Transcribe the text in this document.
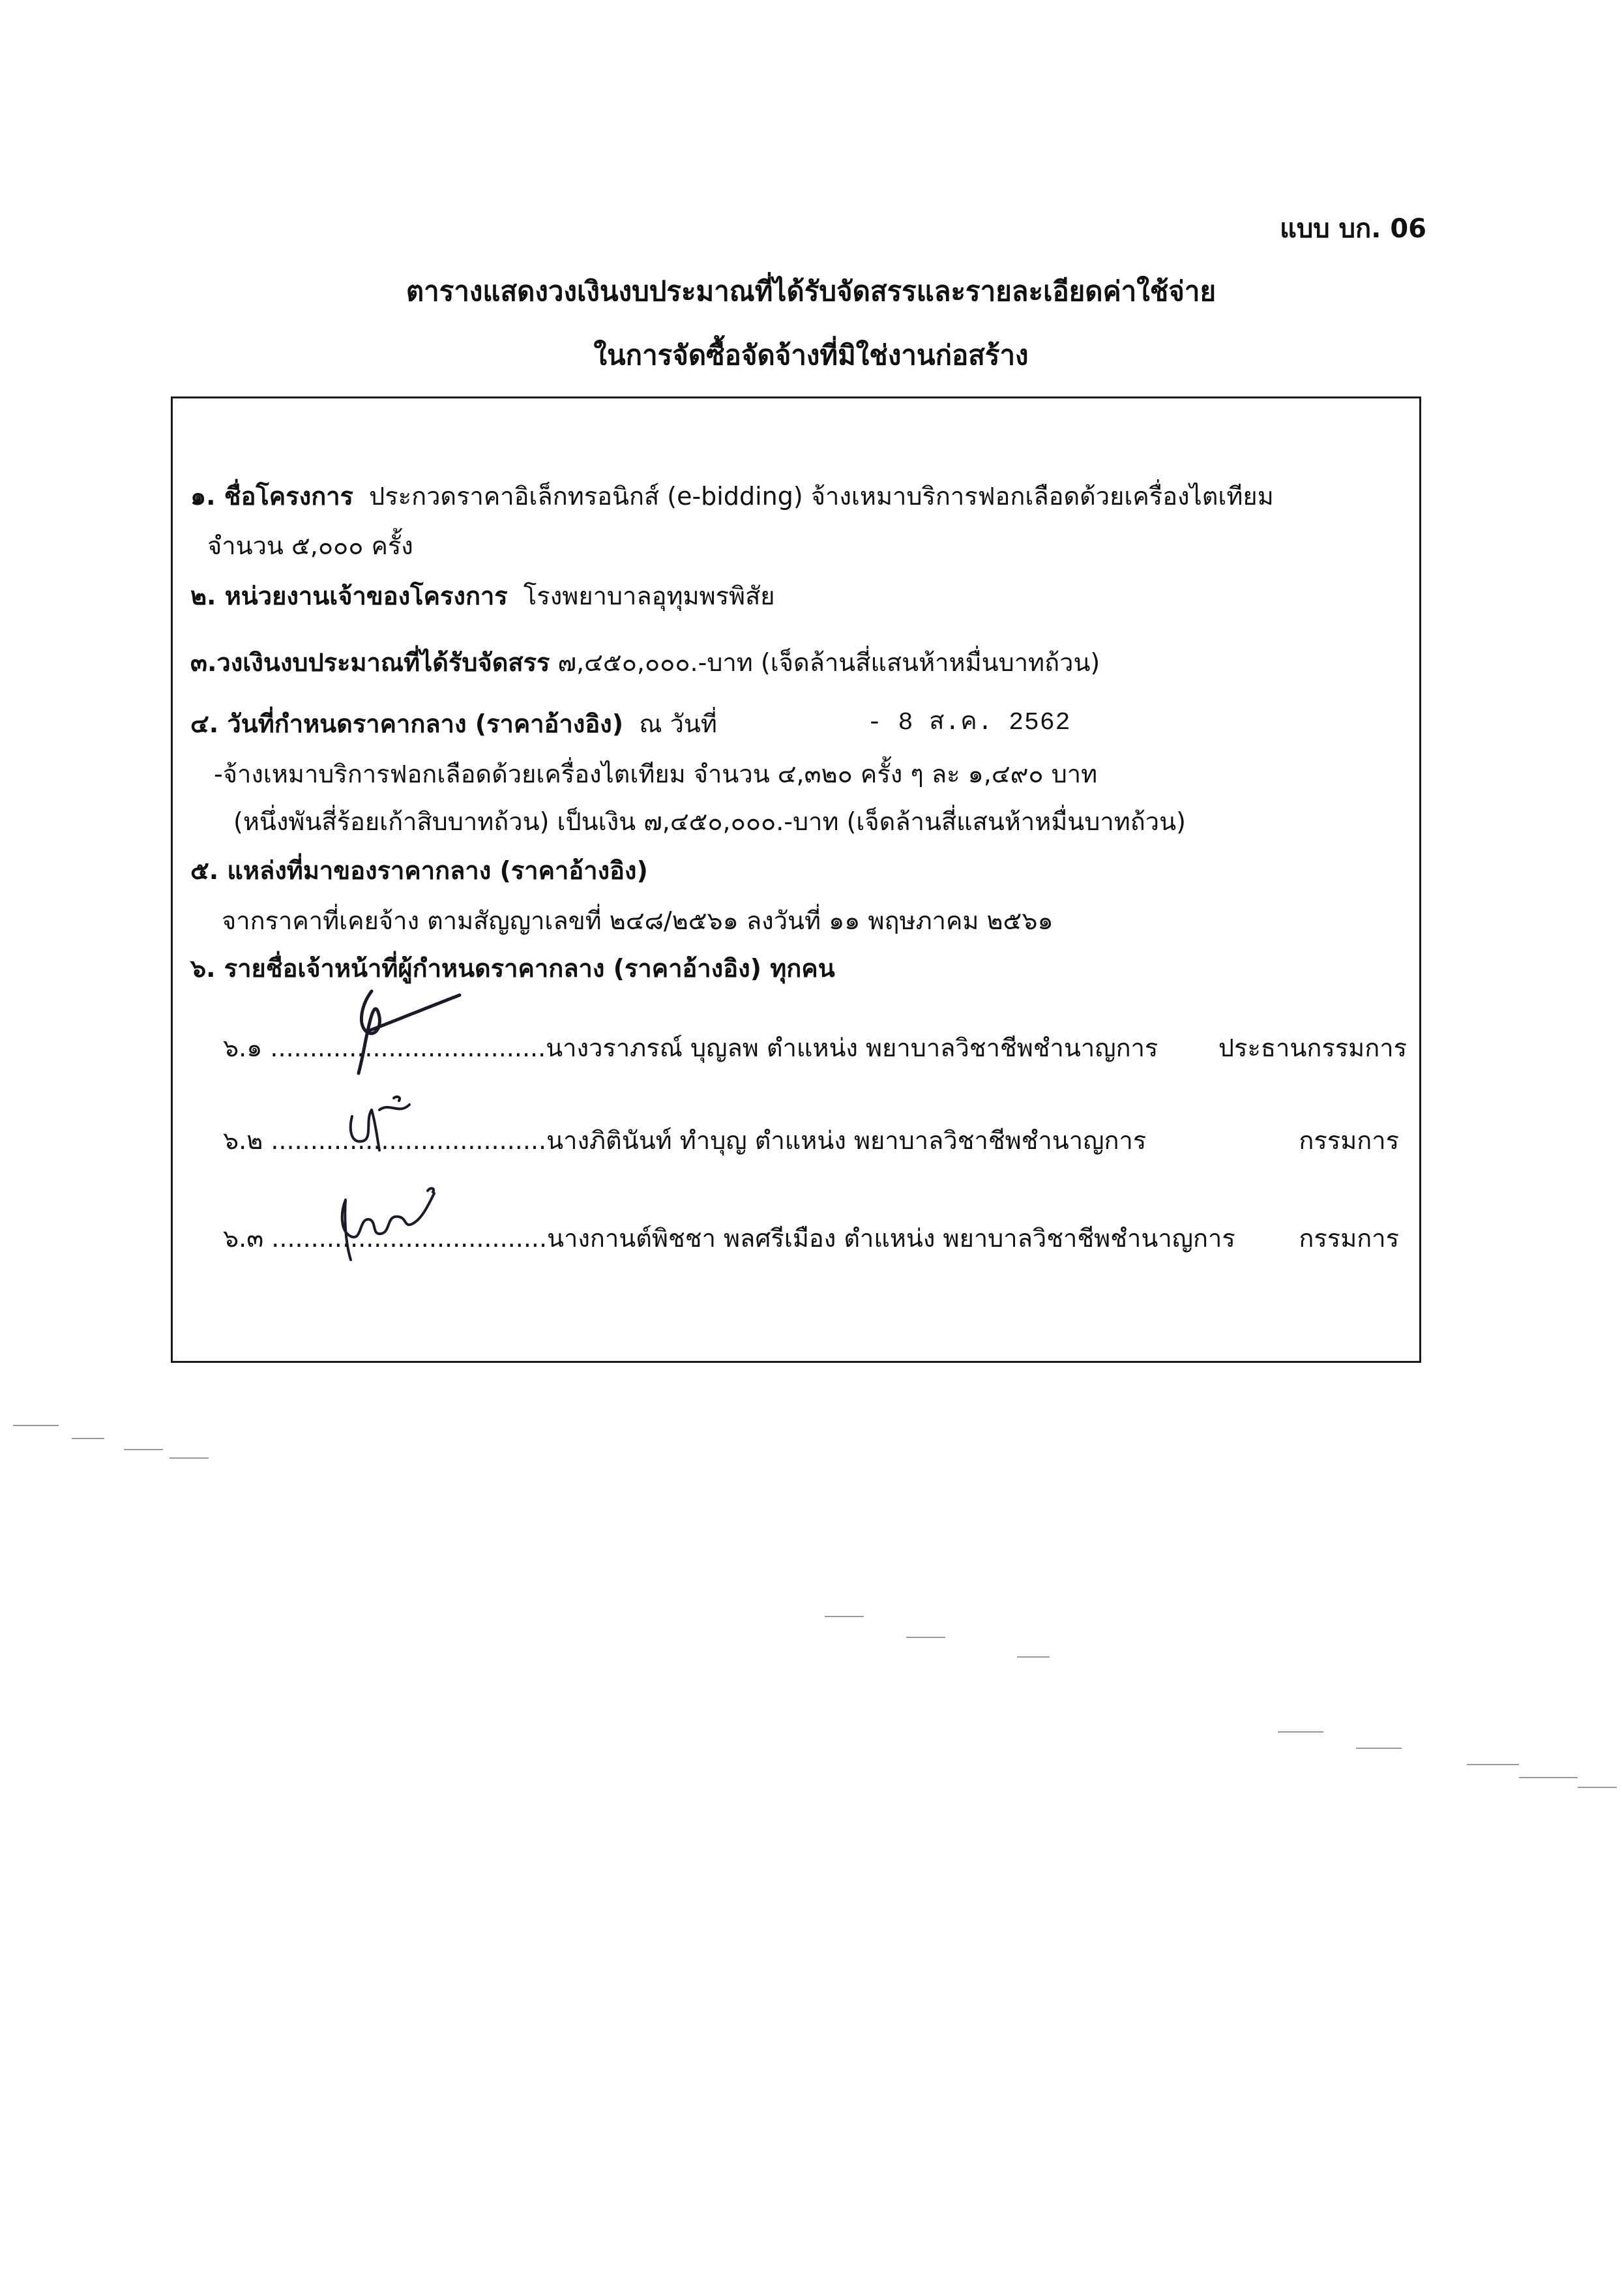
แบบ บก. 06
ตารางแสดงวงเงินงบประมาณที่ได้รับจัดสรรและรายละเอียดค่าใช้จ่าย
ในการจัดซื้อจัดจ้างที่มิใช่งานก่อสร้าง
๑. ชื่อโครงการ ประกวดราคาอิเล็กทรอนิกส์ (e-bidding) จ้างเหมาบริการฟอกเลือดด้วยเครื่องไตเทียม
จำนวน ๕,๐๐๐ ครั้ง
๒. หน่วยงานเจ้าของโครงการ โรงพยาบาลอุทุมพรพิสัย
๓.วงเงินงบประมาณที่ได้รับจัดสรร ๗,๔๕๐,๐๐๐.-บาท (เจ็ดล้านสี่แสนห้าหมื่นบาทถ้วน)
๔. วันที่กำหนดราคากลาง (ราคาอ้างอิง) ณ วันที่	- 8 ส.ค. 2562
-จ้างเหมาบริการฟอกเลือดด้วยเครื่องไตเทียม จำนวน ๔,๓๒๐ ครั้ง ๆ ละ ๑,๔๙๐ บาท
(หนึ่งพันสี่ร้อยเก้าสิบบาทถ้วน) เป็นเงิน ๗,๔๕๐,๐๐๐.-บาท (เจ็ดล้านสี่แสนห้าหมื่นบาทถ้วน)
๕. แหล่งที่มาของราคากลาง (ราคาอ้างอิง)
จากราคาที่เคยจ้าง ตามสัญญาเลขที่ ๒๔๘/๒๕๖๑ ลงวันที่ ๑๑ พฤษภาคม ๒๕๖๑
๖. รายชื่อเจ้าหน้าที่ผู้กำหนดราคากลาง (ราคาอ้างอิง) ทุกคน
๖.๑ ...................................นางวราภรณ์ บุญลพ ตำแหน่ง พยาบาลวิชาชีพชำนาญการ	ประธานกรรมการ
๖.๒ ...................................นางภิตินันท์ ทำบุญ ตำแหน่ง พยาบาลวิชาชีพชำนาญการ	กรรมการ
๖.๓ ...................................นางกานต์พิชชา พลศรีเมือง ตำแหน่ง พยาบาลวิชาชีพชำนาญการ	กรรมการ
